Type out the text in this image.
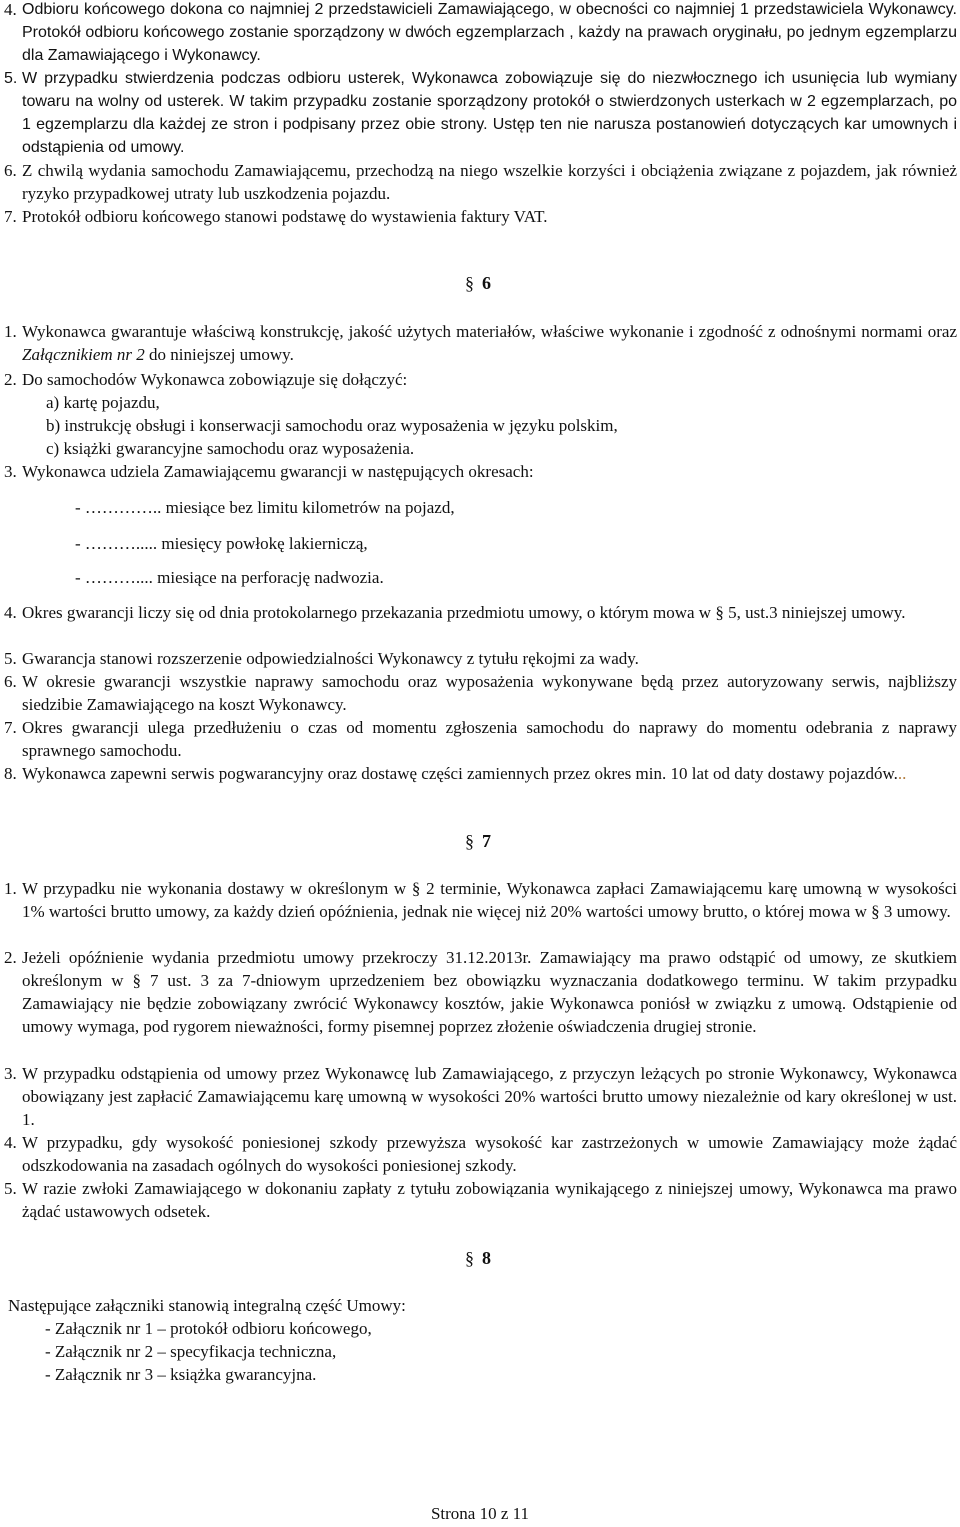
4. Odbioru końcowego dokona co najmniej 2 przedstawicieli Zamawiającego, w obecności co najmniej 1 przedstawiciela Wykonawcy. Protokół odbioru końcowego zostanie sporządzony w dwóch egzemplarzach , każdy na prawach oryginału, po jednym egzemplarzu dla Zamawiającego i Wykonawcy.
5. W przypadku stwierdzenia podczas odbioru usterek, Wykonawca zobowiązuje się do niezwłocznego ich usunięcia lub wymiany towaru na wolny od usterek. W takim przypadku zostanie sporządzony protokół o stwierdzonych usterkach w 2 egzemplarzach, po 1 egzemplarzu dla każdej ze stron i podpisany przez obie strony. Ustęp ten nie narusza postanowień dotyczących kar umownych i odstąpienia od umowy.
6. Z chwilą wydania samochodu Zamawiającemu, przechodzą na niego wszelkie korzyści i obciążenia związane z pojazdem, jak również ryzyko przypadkowej utraty lub uszkodzenia pojazdu.
7. Protokół odbioru końcowego stanowi podstawę do wystawienia faktury VAT.
§ 6
1. Wykonawca gwarantuje właściwą konstrukcję, jakość użytych materiałów, właściwe wykonanie i zgodność z odnośnymi normami oraz Załącznikiem nr 2 do niniejszej umowy.
2. Do samochodów Wykonawca zobowiązuje się dołączyć:
a) kartę pojazdu,
b) instrukcję obsługi i konserwacji samochodu oraz wyposażenia w języku polskim,
c) książki gwarancyjne samochodu oraz wyposażenia.
3. Wykonawca udziela Zamawiającemu gwarancji w następujących okresach:
- ………….. miesiące bez limitu kilometrów na pojazd,
- ………..... miesięcy powłokę lakierniczą,
- ……….... miesiące na perforację nadwozia.
4. Okres gwarancji liczy się od dnia protokolarnego przekazania przedmiotu umowy, o którym mowa w § 5, ust.3 niniejszej umowy.
5. Gwarancja stanowi rozszerzenie odpowiedzialności Wykonawcy z tytułu rękojmi za wady.
6. W okresie gwarancji wszystkie naprawy samochodu oraz wyposażenia wykonywane będą przez autoryzowany serwis, najbliższy siedzibie Zamawiającego na koszt Wykonawcy.
7. Okres gwarancji ulega przedłużeniu o czas od momentu zgłoszenia samochodu do naprawy do momentu odebrania z naprawy sprawnego samochodu.
8. Wykonawca zapewni serwis pogwarancyjny oraz dostawę części zamiennych przez okres min. 10 lat od daty dostawy pojazdów...
§ 7
1. W przypadku nie wykonania dostawy w określonym w § 2 terminie, Wykonawca zapłaci Zamawiającemu karę umowną w wysokości 1% wartości brutto umowy, za każdy dzień opóźnienia, jednak nie więcej niż 20% wartości umowy brutto, o której mowa w § 3 umowy.
2. Jeżeli opóźnienie wydania przedmiotu umowy przekroczy 31.12.2013r. Zamawiający ma prawo odstąpić od umowy, ze skutkiem określonym w § 7 ust. 3 za 7-dniowym uprzedzeniem bez obowiązku wyznaczania dodatkowego terminu. W takim przypadku Zamawiający nie będzie zobowiązany zwrócić Wykonawcy kosztów, jakie Wykonawca poniósł w związku z umową. Odstąpienie od umowy wymaga, pod rygorem nieważności, formy pisemnej poprzez złożenie oświadczenia drugiej stronie.
3. W przypadku odstąpienia od umowy przez Wykonawcę lub Zamawiającego, z przyczyn leżących po stronie Wykonawcy, Wykonawca obowiązany jest zapłacić Zamawiającemu karę umowną w wysokości 20% wartości brutto umowy niezależnie od kary określonej w ust. 1.
4. W przypadku, gdy wysokość poniesionej szkody przewyższa wysokość kar zastrzeżonych w umowie Zamawiający może żądać odszkodowania na zasadach ogólnych do wysokości poniesionej szkody.
5. W razie zwłoki Zamawiającego w dokonaniu zapłaty z tytułu zobowiązania wynikającego z niniejszej umowy, Wykonawca ma prawo żądać ustawowych odsetek.
§ 8
Następujące załączniki stanowią integralną część Umowy:
- Załącznik nr 1 – protokół odbioru końcowego,
- Załącznik nr 2 – specyfikacja techniczna,
- Załącznik nr 3 – książka gwarancyjna.
Strona 10 z 11
